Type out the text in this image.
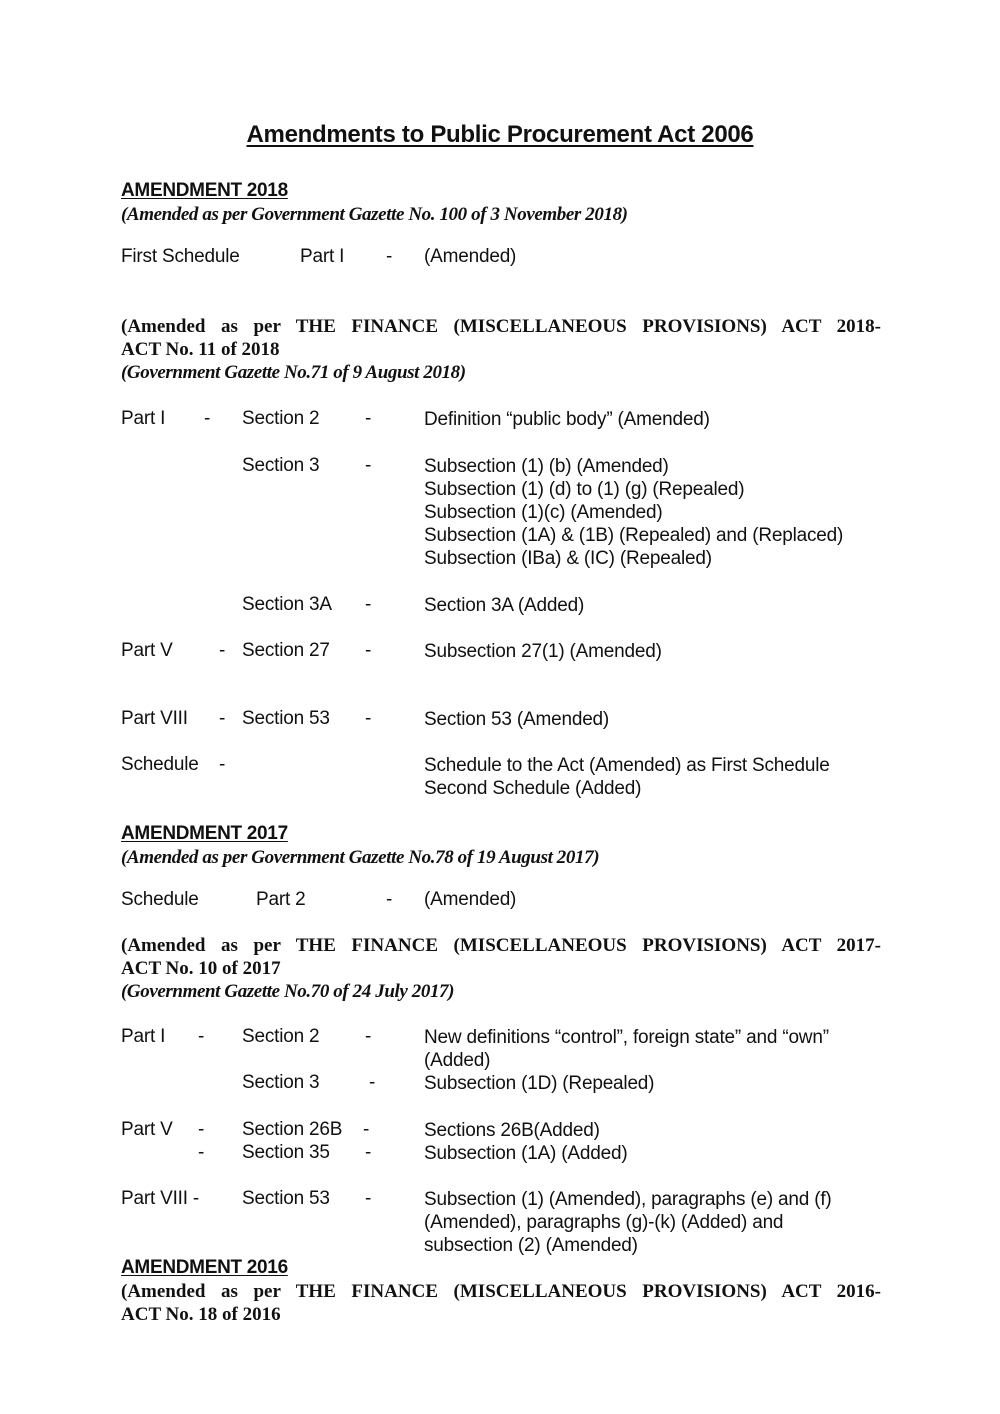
Amendments to Public Procurement Act 2006
AMENDMENT 2018
(Amended as per Government Gazette No. 100 of 3 November 2018)
First Schedule	Part I - (Amended)
(Amended as per THE FINANCE (MISCELLANEOUS PROVISIONS) ACT 2018-
ACT No. 11 of 2018
(Government Gazette No.71 of 9 August 2018)
Part I - Section 2 -	Definition “public body” (Amended)
Section 3 -	Subsection (1) (b) (Amended)
Subsection (1) (d) to (1) (g) (Repealed)
Subsection (1)(c) (Amended)
Subsection (1A) & (1B) (Repealed) and (Replaced)
Subsection (IBa) & (IC) (Repealed)
Section 3A -	Section 3A (Added)
Part V - Section 27 -	Subsection 27(1) (Amended)
Part VIII - Section 53 -	Section 53 (Amended)
Schedule -	Schedule to the Act (Amended) as First Schedule
Second Schedule (Added)
AMENDMENT 2017
(Amended as per Government Gazette No.78 of 19 August 2017)
Schedule	Part 2	- (Amended)
(Amended as per THE FINANCE (MISCELLANEOUS PROVISIONS) ACT 2017-
ACT No. 10 of 2017
(Government Gazette No.70 of 24 July 2017)
Part I - Section 2 -	New definitions “control”, foreign state” and “own”
(Added)
Section 3	-	Subsection (1D) (Repealed)
Part V - Section 26B -	Sections 26B(Added)
- Section 35 -	Subsection (1A) (Added)
Part VIII - Section 53 -	Subsection (1) (Amended), paragraphs (e) and (f)
(Amended), paragraphs (g)-(k) (Added) and
subsection (2) (Amended)
AMENDMENT 2016
(Amended as per THE FINANCE (MISCELLANEOUS PROVISIONS) ACT 2016-
ACT No. 18 of 2016
